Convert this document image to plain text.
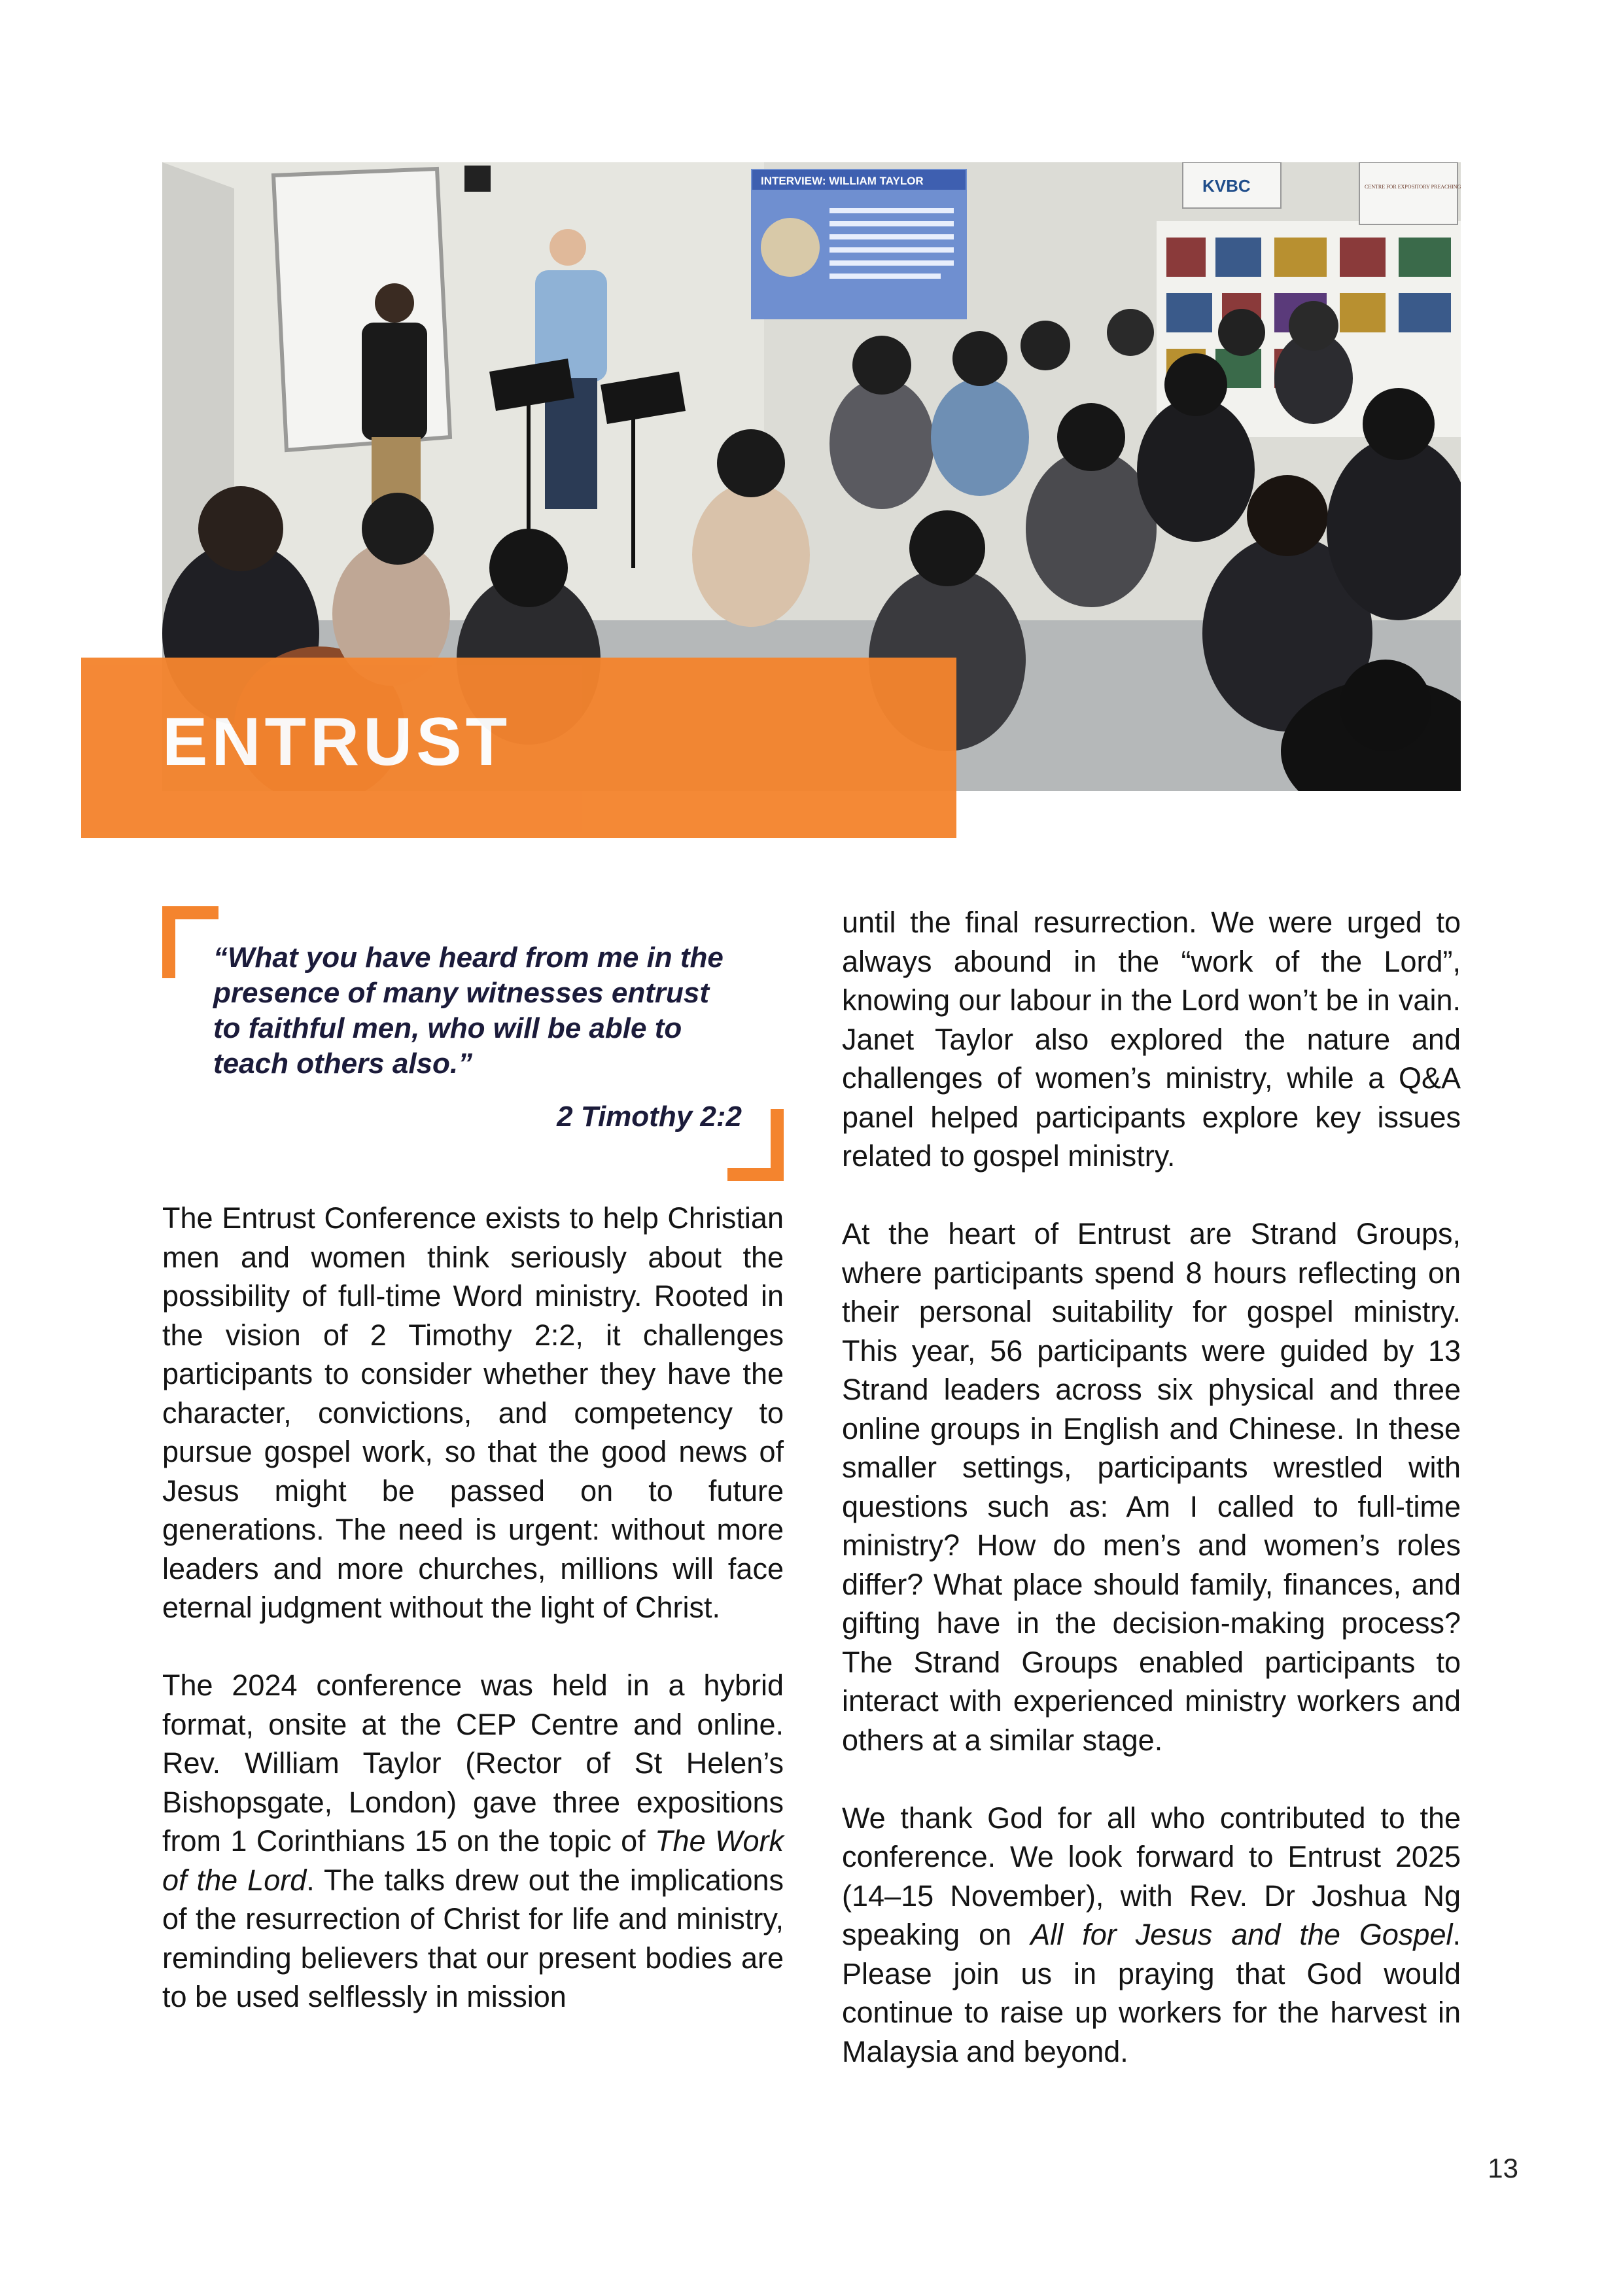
INTERVIEW: WILLIAM TAYLOR	KVBC	CENTRE FOR EXPOSITORY PREACHING
ENTRUST

“What you have heard from me in the presence of many witnesses entrust to faithful men, who will be able to teach others also.”

2 Timothy 2:2

The Entrust Conference exists to help Christian men and women think seriously about the possibility of full-time Word ministry. Rooted in the vision of 2 Timothy 2:2, it challenges participants to consider whether they have the character, convictions, and competency to pursue gospel work, so that the good news of Jesus might be passed on to future generations. The need is urgent: without more leaders and more churches, millions will face eternal judgment without the light of Christ.

The 2024 conference was held in a hybrid format, onsite at the CEP Centre and online. Rev. William Taylor (Rector of St Helen’s Bishopsgate, London) gave three expositions from 1 Corinthians 15 on the topic of The Work of the Lord. The talks drew out the implications of the resurrection of Christ for life and ministry, reminding believers that our present bodies are to be used selflessly in mission

until the final resurrection. We were urged to always abound in the “work of the Lord”, knowing our labour in the Lord won’t be in vain. Janet Taylor also explored the nature and challenges of women’s ministry, while a Q&A panel helped participants explore key issues related to gospel ministry.

At the heart of Entrust are Strand Groups, where participants spend 8 hours reflecting on their personal suitability for gospel ministry. This year, 56 participants were guided by 13 Strand leaders across six physical and three online groups in English and Chinese. In these smaller settings, participants wrestled with questions such as: Am I called to full-time ministry? How do men’s and women’s roles differ? What place should family, finances, and gifting have in the decision-making process? The Strand Groups enabled participants to interact with experienced ministry workers and others at a similar stage.

We thank God for all who contributed to the conference. We look forward to Entrust 2025 (14–15 November), with Rev. Dr Joshua Ng speaking on All for Jesus and the Gospel. Please join us in praying that God would continue to raise up workers for the harvest in Malaysia and beyond.

13
